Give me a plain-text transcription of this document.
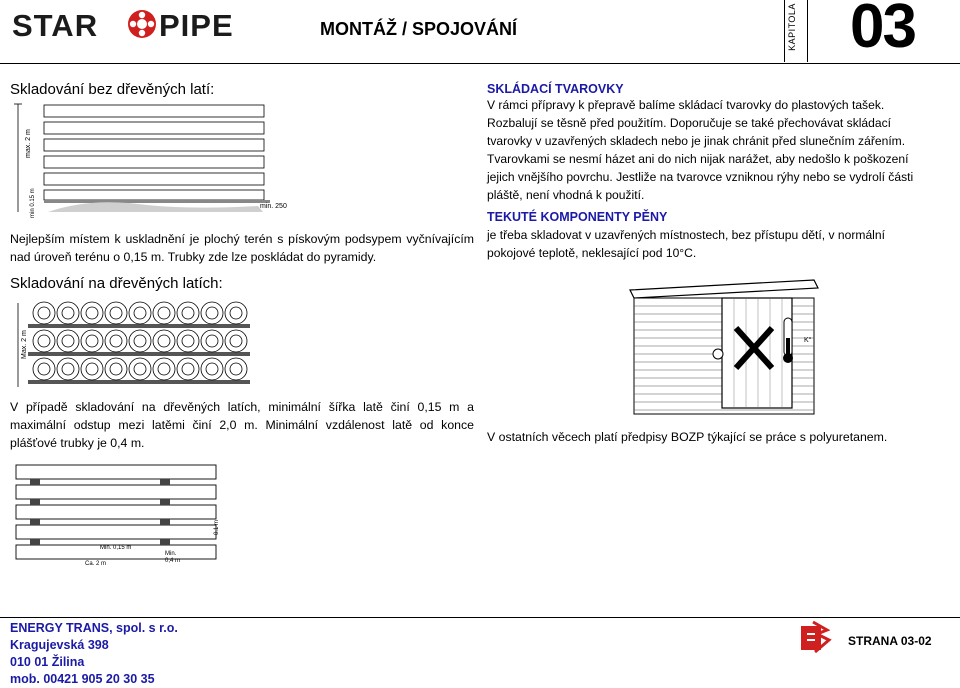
STAR PIPE	MONTÁŽ / SPOJOVÁNÍ	KAPITOLA 03
Skladování bez dřevěných latí:
max. 2 m
min. 250
min 0.15 m
Nejlepším místem k uskladnění je plochý terén s pískovým podsypem vyčnívajícím nad úroveň terénu o 0,15 m. Trubky zde lze poskládat do pyramidy.
Skladování na dřevěných latích:
Max. 2 m
V případě skladování na dřevěných latích, minimální šířka latě činí 0,15 m a maximální odstup mezi latěmi činí 2,0 m. Minimální vzdálenost latě od konce plášťové trubky je 0,4 m.
Min. 0,15 m
Min.
0,4 m
Ca. 2 m
0.1 m
SKLÁDACÍ TVAROVKY
V rámci přípravy k přepravě balíme skládací tvarovky do plastových tašek.
Rozbalují se těsně před použitím. Doporučuje se také přechovávat skládací
tvarovky v uzavřených skladech nebo je jinak chránit před slunečním zářením.
Tvarovkami se nesmí házet ani do nich nijak narážet, aby nedošlo k poškození
jejich vnějšího povrchu. Jestliže na tvarovce vzniknou rýhy nebo se vydrolí části
pláště, není vhodná k použití.
TEKUTÉ KOMPONENTY PĚNY
je třeba skladovat v uzavřených místnostech, bez přístupu dětí, v normální
pokojové teplotě, neklesající pod 10°C.
K°
V ostatních věcech platí předpisy BOZP týkající se práce s polyuretanem.
ENERGY TRANS, spol. s r.o.
Kragujevská 398
010 01 Žilina
mob. 00421 905 20 30 35
STRANA 03-02
